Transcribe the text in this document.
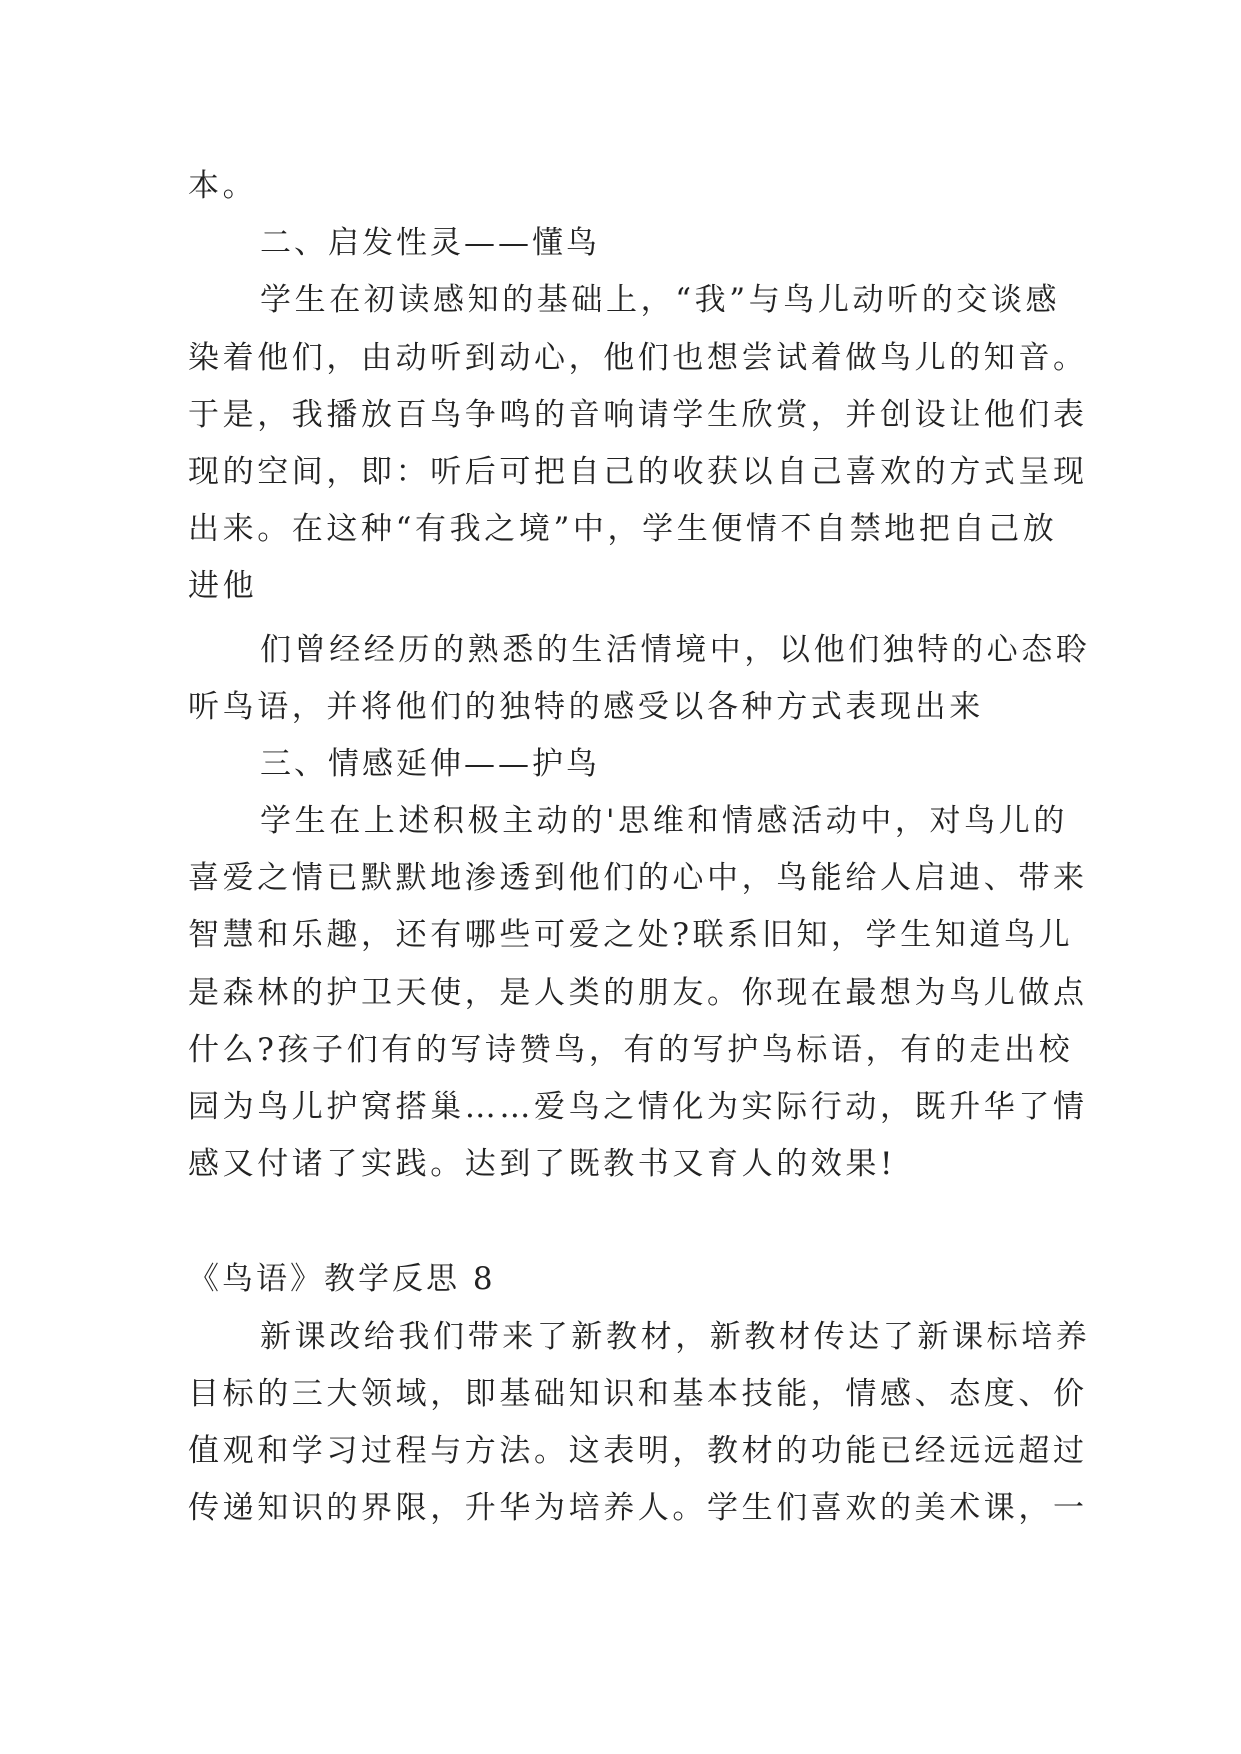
本。
二、启发性灵——懂鸟
学生在初读感知的基础上，“我”与鸟儿动听的交谈感
染着他们，由动听到动心，他们也想尝试着做鸟儿的知音。
于是，我播放百鸟争鸣的音响请学生欣赏，并创设让他们表
现的空间，即：听后可把自己的收获以自己喜欢的方式呈现
出来。在这种“有我之境”中，学生便情不自禁地把自己放
进他
们曾经经历的熟悉的生活情境中，以他们独特的心态聆
听鸟语，并将他们的独特的感受以各种方式表现出来
三、情感延伸——护鸟
学生在上述积极主动的'思维和情感活动中，对鸟儿的
喜爱之情已默默地渗透到他们的心中，鸟能给人启迪、带来
智慧和乐趣，还有哪些可爱之处?联系旧知，学生知道鸟儿
是森林的护卫天使，是人类的朋友。你现在最想为鸟儿做点
什么?孩子们有的写诗赞鸟，有的写护鸟标语，有的走出校
园为鸟儿护窝搭巢……爱鸟之情化为实际行动，既升华了情
感又付诸了实践。达到了既教书又育人的效果!
《鸟语》教学反思 8
新课改给我们带来了新教材，新教材传达了新课标培养
目标的三大领域，即基础知识和基本技能，情感、态度、价
值观和学习过程与方法。这表明，教材的功能已经远远超过
传递知识的界限，升华为培养人。学生们喜欢的美术课，一
